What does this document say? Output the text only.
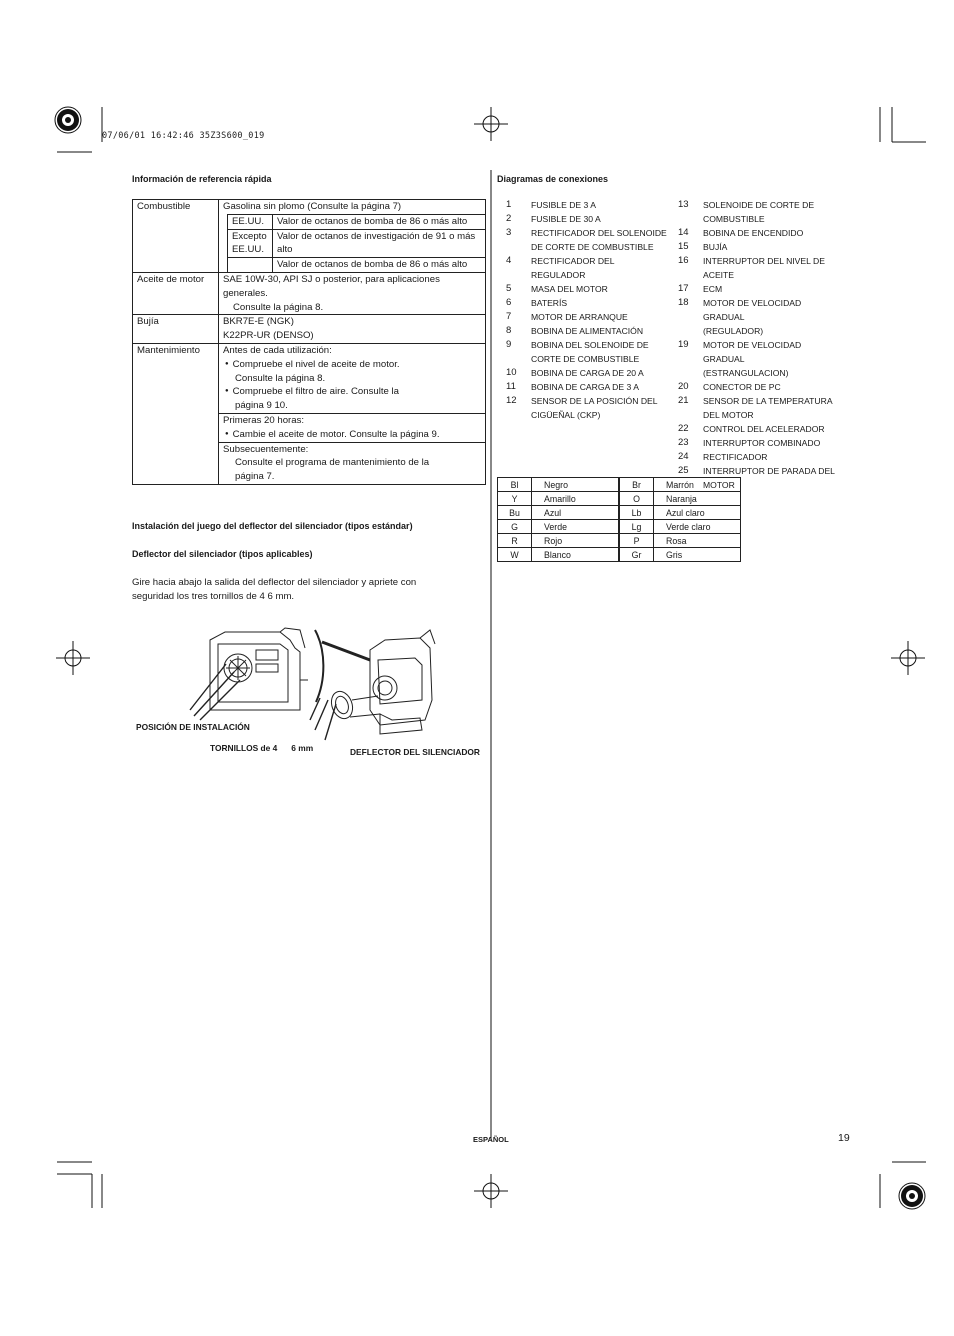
07/06/01 16:42:46 35Z3S600_019
Información de referencia rápida
Combustible	Gasolina sin plomo (Consulte la página 7)
EE.UU.	Valor de octanos de bomba de 86 o más alto
Excepto EE.UU.	Valor de octanos de investigación de 91 o más alto
	Valor de octanos de bomba de 86 o más alto

Aceite de motor	SAE 10W-30, API SJ o posterior, para aplicaciones generales.
Consulte la página 8.

Bujía	BKR7E-E (NGK)
K22PR-UR (DENSO)

Mantenimiento	Antes de cada utilización:
● Compruebe el nivel de aceite de motor.
Consulte la página 8.
● Compruebe el filtro de aire. Consulte la
página 9 10.

Primeras 20 horas:
● Cambie el aceite de motor. Consulte la página 9.

Subsecuentemente:
Consulte el programa de mantenimiento de la
página 7.
Instalación del juego del deflector del silenciador (tipos estándar)
Deflector del silenciador (tipos aplicables)
Gire hacia abajo la salida del deflector del silenciador y apriete con
seguridad los tres tornillos de 4 6 mm.
POSICIÓN DE INSTALACIÓN
TORNILLOS de 4      6 mm	DEFLECTOR DEL SILENCIADOR
Diagramas de conexiones
1	FUSIBLE DE 3 A
2	FUSIBLE DE 30 A
3	RECTIFICADOR DEL SOLENOIDE
DE CORTE DE COMBUSTIBLE
4	RECTIFICADOR DEL
REGULADOR
5	MASA DEL MOTOR
6	BATERÍS
7	MOTOR DE ARRANQUE
8	BOBINA DE ALIMENTACIÓN
9	BOBINA DEL SOLENOIDE DE
CORTE DE COMBUSTIBLE
10	BOBINA DE CARGA DE 20 A
11	BOBINA DE CARGA DE 3 A
12	SENSOR DE LA POSICIÓN DEL
CIGÜEÑAL (CKP)
13	SOLENOIDE DE CORTE DE
COMBUSTIBLE
14	BOBINA DE ENCENDIDO
15	BUJÍA
16	INTERRUPTOR DEL NIVEL DE
ACEITE
17	ECM
18	MOTOR DE VELOCIDAD GRADUAL
(REGULADOR)
19	MOTOR DE VELOCIDAD GRADUAL
(ESTRANGULACION)
20	CONECTOR DE PC
21	SENSOR DE LA TEMPERATURA
DEL MOTOR
22	CONTROL DEL ACELERADOR
23	INTERRUPTOR COMBINADO
24	RECTIFICADOR
25	INTERRUPTOR DE PARADA DEL
MOTOR
Bl	Negro	Br	Marrón
Y	Amarillo	O	Naranja
Bu	Azul	Lb	Azul claro
G	Verde	Lg	Verde claro
R	Rojo	P	Rosa
W	Blanco	Gr	Gris
ESPAÑOL	19
